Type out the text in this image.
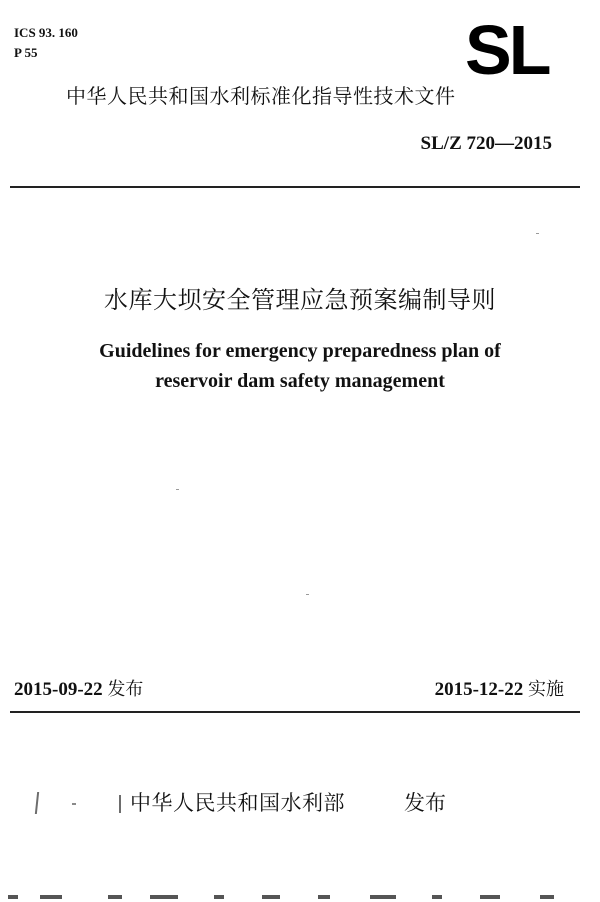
ICS 93. 160
P 55	SL
中华人民共和国水利标准化指导性技术文件
SL/Z 720—2015
水库大坝安全管理应急预案编制导则
Guidelines for emergency preparedness plan of
reservoir dam safety management
2015-09-22 发布	2015-12-22 实施
中华人民共和国水利部	发布
